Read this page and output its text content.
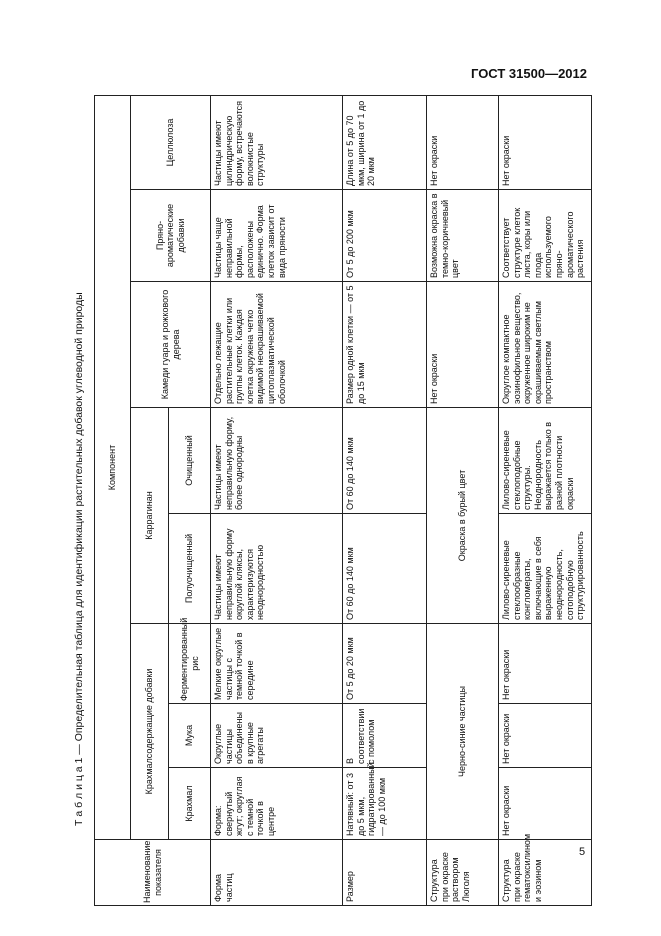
ГОСТ 31500—2012
Т а б л и ц а 1 — Определительная таблица для идентификации растительных добавок углеводной природы
Наименование показателя	Компонент							
	Крахмалсодержащие добавки			Каррагинан		Камеди гуара и рожкового дерева	Пряно-ароматические добавки	Целлюлоза
	Крахмал	Мука	Ферментированный рис	Полуочищенный	Очищенный			
Форма частиц	Форма: свернутый жгут; округлая с темной точкой в центре	Округлые частицы объединены в крупные агрегаты	Мелкие округлые частицы с темной точкой в середине	Частицы имеют неправильную форму округлой кляксы, характеризуются неоднородностью	Частицы имеют неправильную форму, более однородны	Отдельно лежащие растительные клетки или группы клеток. Каждая клетка окружена четко видимой неокрашиваемой цитоплазматической оболочкой	Частицы чаще неправильной формы, расположены единично. Форма клеток зависит от вида пряности	Частицы имеют цилиндрическую форму, встречаются волокнистые структуры
Размер	Натявный: от 3 до 5 мкм, гидратированный — до 100 мкм	В соответствии с помолом	От 5 до 20 мкм	От 60 до 140 мкм	От 60 до 140 мкм	Размер одной клетки — от 5 до 15 мкм	От 5 до 200 мкм	Длина от 5 до 70 мкм, ширина от 1 до 20 мкм
Структура при окраске раствором Люголя	Черно-синие частицы			Окраска в бурый цвет		Нет окраски	Возможна окраска в темно-коричневый цвет	Нет окраски
Структура при окраске гематоксилином и эозином	Нет окраски	Нет окраски	Нет окраски	Лилово-сиреневые стеклообразные конгломераты, включающие в себя выраженную неоднородность, сотоподобную структурированность	Лилово-сиреневые стеклоподобные структуры. Неоднородность выражается только в разной плотности окраски	Округлое компактное эозинофильное вещество, окруженное широким не окрашиваемым светлым пространством	Соответствует структуре клеток листа, коры или плода используемого пряно-ароматического растения	Нет окраски
5
